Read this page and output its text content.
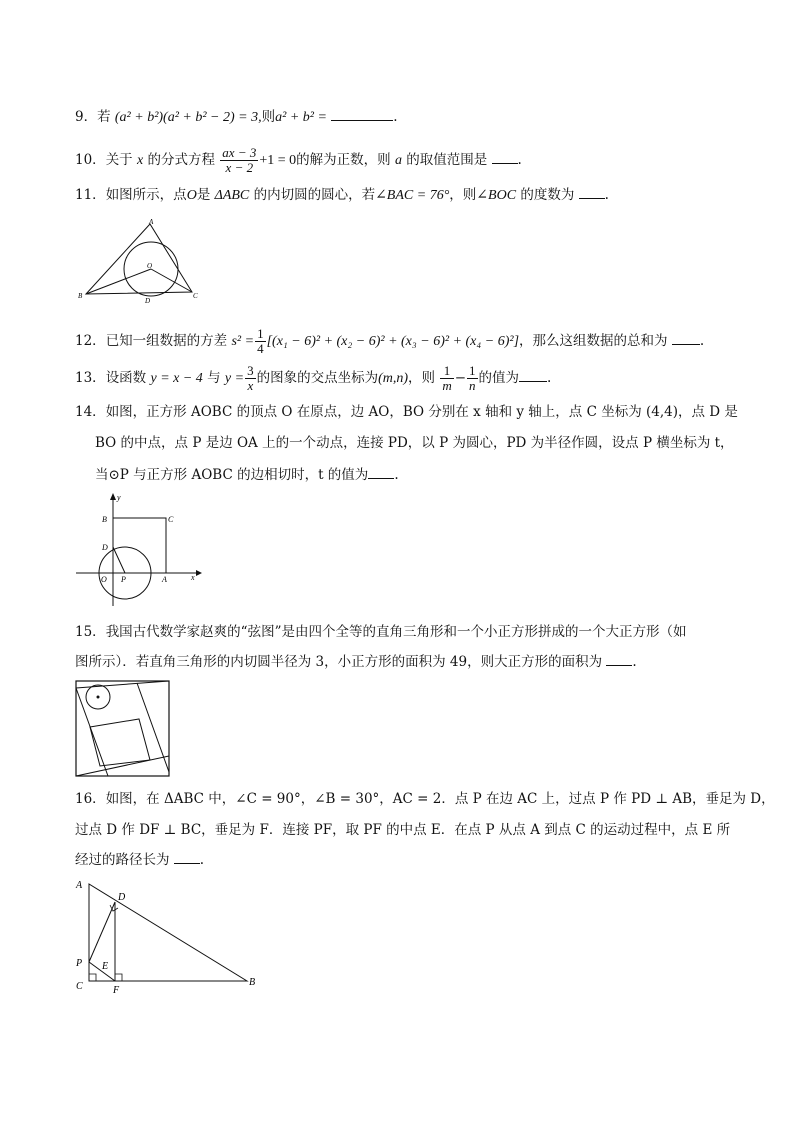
9．若 (a² + b²)(a² + b² − 2) = 3,则a² + b² =	.
10．关于 x 的分式方程 $\frac{ax - 3}{x - 2} +1 = 0$的解为正数，则 a 的取值范围是 .
11．如图所示，点O是 ΔABC 的内切圆的圆心，若∠BAC = 76°，则∠BOC 的度数为 .
A
B	C
D
O
12．已知一组数据的方差 $s^2 = \frac{1}{4} [(x_1 - 6)^2 + (x_2 - 6)^2 + (x_3 - 6)^2 + (x_4 - 6)^2]$，那么这组数据的总和为 .
13．设函数 y = x − 4 与 $y = \frac{3}{x}$ 的图象的交点坐标为(m,n)，则 $\frac{1}{m} - \frac{1}{n}$ 的值为 .
14．如图，正方形 AOBC 的顶点 O 在原点，边 AO，BO 分别在 x 轴和 y 轴上，点 C 坐标为 (4,4)，点 D 是
BO 的中点，点 P 是边 OA 上的一个动点，连接 PD，以 P 为圆心，PD 为半径作圆，设点 P 横坐标为 t，
当⊙P 与正方形 AOBC 的边相切时，t 的值为 .
y
x
B	C
D
O P	A
15．我国古代数学家赵爽的“弦图”是由四个全等的直角三角形和一个小正方形拼成的一个大正方形（如
图所示）．若直角三角形的内切圆半径为 3，小正方形的面积为 49，则大正方形的面积为 .
16．如图，在 ΔABC 中，∠C = 90°，∠B = 30°，AC = 2．点 P 在边 AC 上，过点 P 作 PD ⊥ AB，垂足为 D，
过点 D 作 DF ⊥ BC，垂足为 F．连接 PF，取 PF 的中点 E．在点 P 从点 A 到点 C 的运动过程中，点 E 所
经过的路径长为 .
A
D
P E
C	F
B
